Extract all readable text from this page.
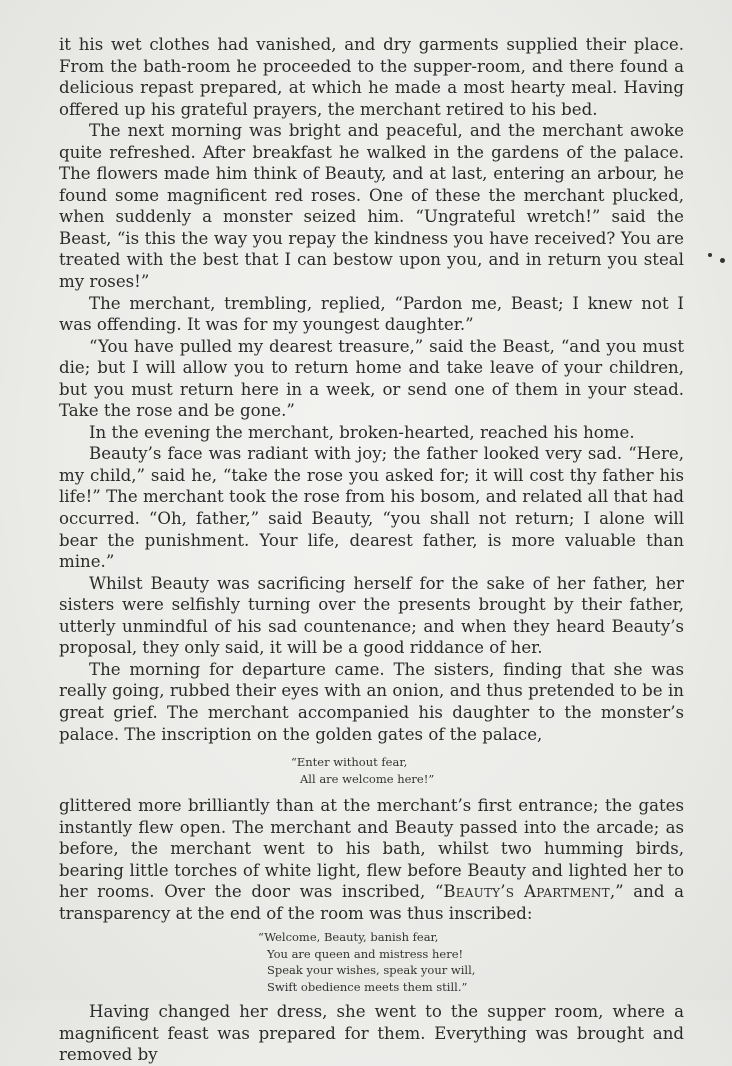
it his wet clothes had vanished, and dry garments supplied their place. From the bath-room he proceeded to the supper-room, and there found a delicious repast prepared, at which he made a most hearty meal. Having offered up his grateful prayers, the merchant retired to his bed.

The next morning was bright and peaceful, and the merchant awoke quite refreshed. After breakfast he walked in the gardens of the palace. The flowers made him think of Beauty, and at last, entering an arbour, he found some magnificent red roses. One of these the merchant plucked, when suddenly a monster seized him. “Ungrateful wretch!” said the Beast, “is this the way you repay the kindness you have received? You are treated with the best that I can bestow upon you, and in return you steal my roses!”

The merchant, trembling, replied, “Pardon me, Beast; I knew not I was offending. It was for my youngest daughter.”

“You have pulled my dearest treasure,” said the Beast, “and you must die; but I will allow you to return home and take leave of your children, but you must return here in a week, or send one of them in your stead. Take the rose and be gone.”

In the evening the merchant, broken-hearted, reached his home.

Beauty’s face was radiant with joy; the father looked very sad. “Here, my child,” said he, “take the rose you asked for; it will cost thy father his life!” The merchant took the rose from his bosom, and related all that had occurred. “Oh, father,” said Beauty, “you shall not return; I alone will bear the punishment. Your life, dearest father, is more valuable than mine.”

Whilst Beauty was sacrificing herself for the sake of her father, her sisters were selfishly turning over the presents brought by their father, utterly unmindful of his sad countenance; and when they heard Beauty’s proposal, they only said, it will be a good riddance of her.

The morning for departure came. The sisters, finding that she was really going, rubbed their eyes with an onion, and thus pretended to be in great grief. The merchant accompanied his daughter to the monster’s palace. The inscription on the golden gates of the palace,

“Enter without fear,
All are welcome here!”

glittered more brilliantly than at the merchant’s first entrance; the gates instantly flew open. The merchant and Beauty passed into the arcade; as before, the merchant went to his bath, whilst two humming birds, bearing little torches of white light, flew before Beauty and lighted her to her rooms. Over the door was inscribed, “Beauty’s Apartment,” and a transparency at the end of the room was thus inscribed:

“Welcome, Beauty, banish fear,
You are queen and mistress here!
Speak your wishes, speak your will,
Swift obedience meets them still.”

Having changed her dress, she went to the supper room, where a magnificent feast was prepared for them. Everything was brought and removed by
